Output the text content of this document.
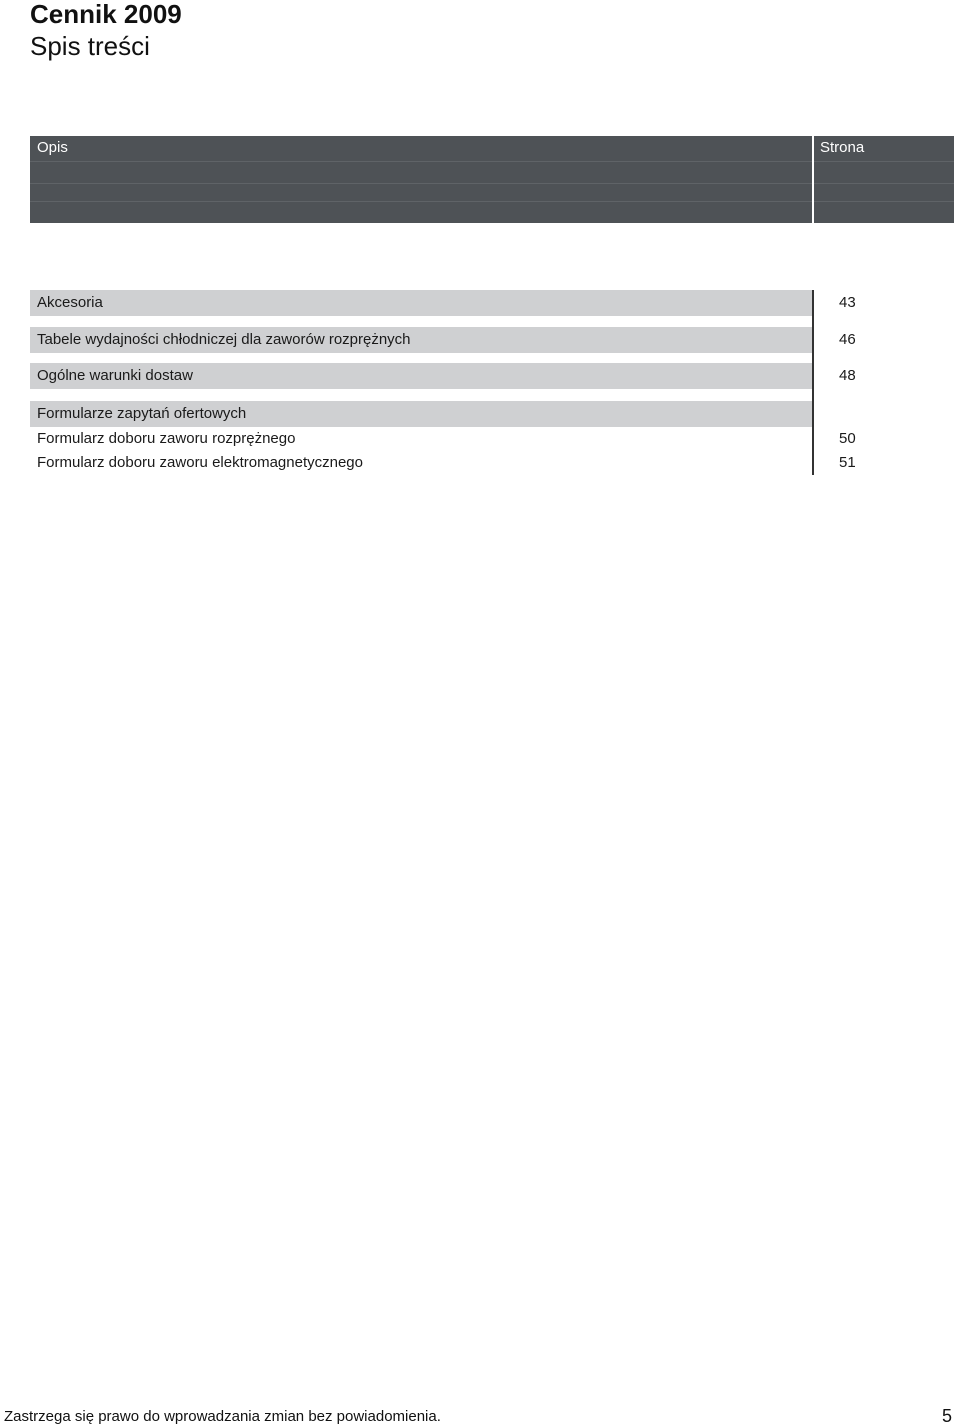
Cennik 2009
Spis treści
Opis	Strona
Akcesoria	43
Tabele wydajności chłodniczej dla zaworów rozprężnych	46
Ogólne warunki dostaw	48
Formularze zapytań ofertowych
Formularz doboru zaworu rozprężnego	50
Formularz doboru zaworu elektromagnetycznego	51
Zastrzega się prawo do wprowadzania zmian bez powiadomienia.	5
